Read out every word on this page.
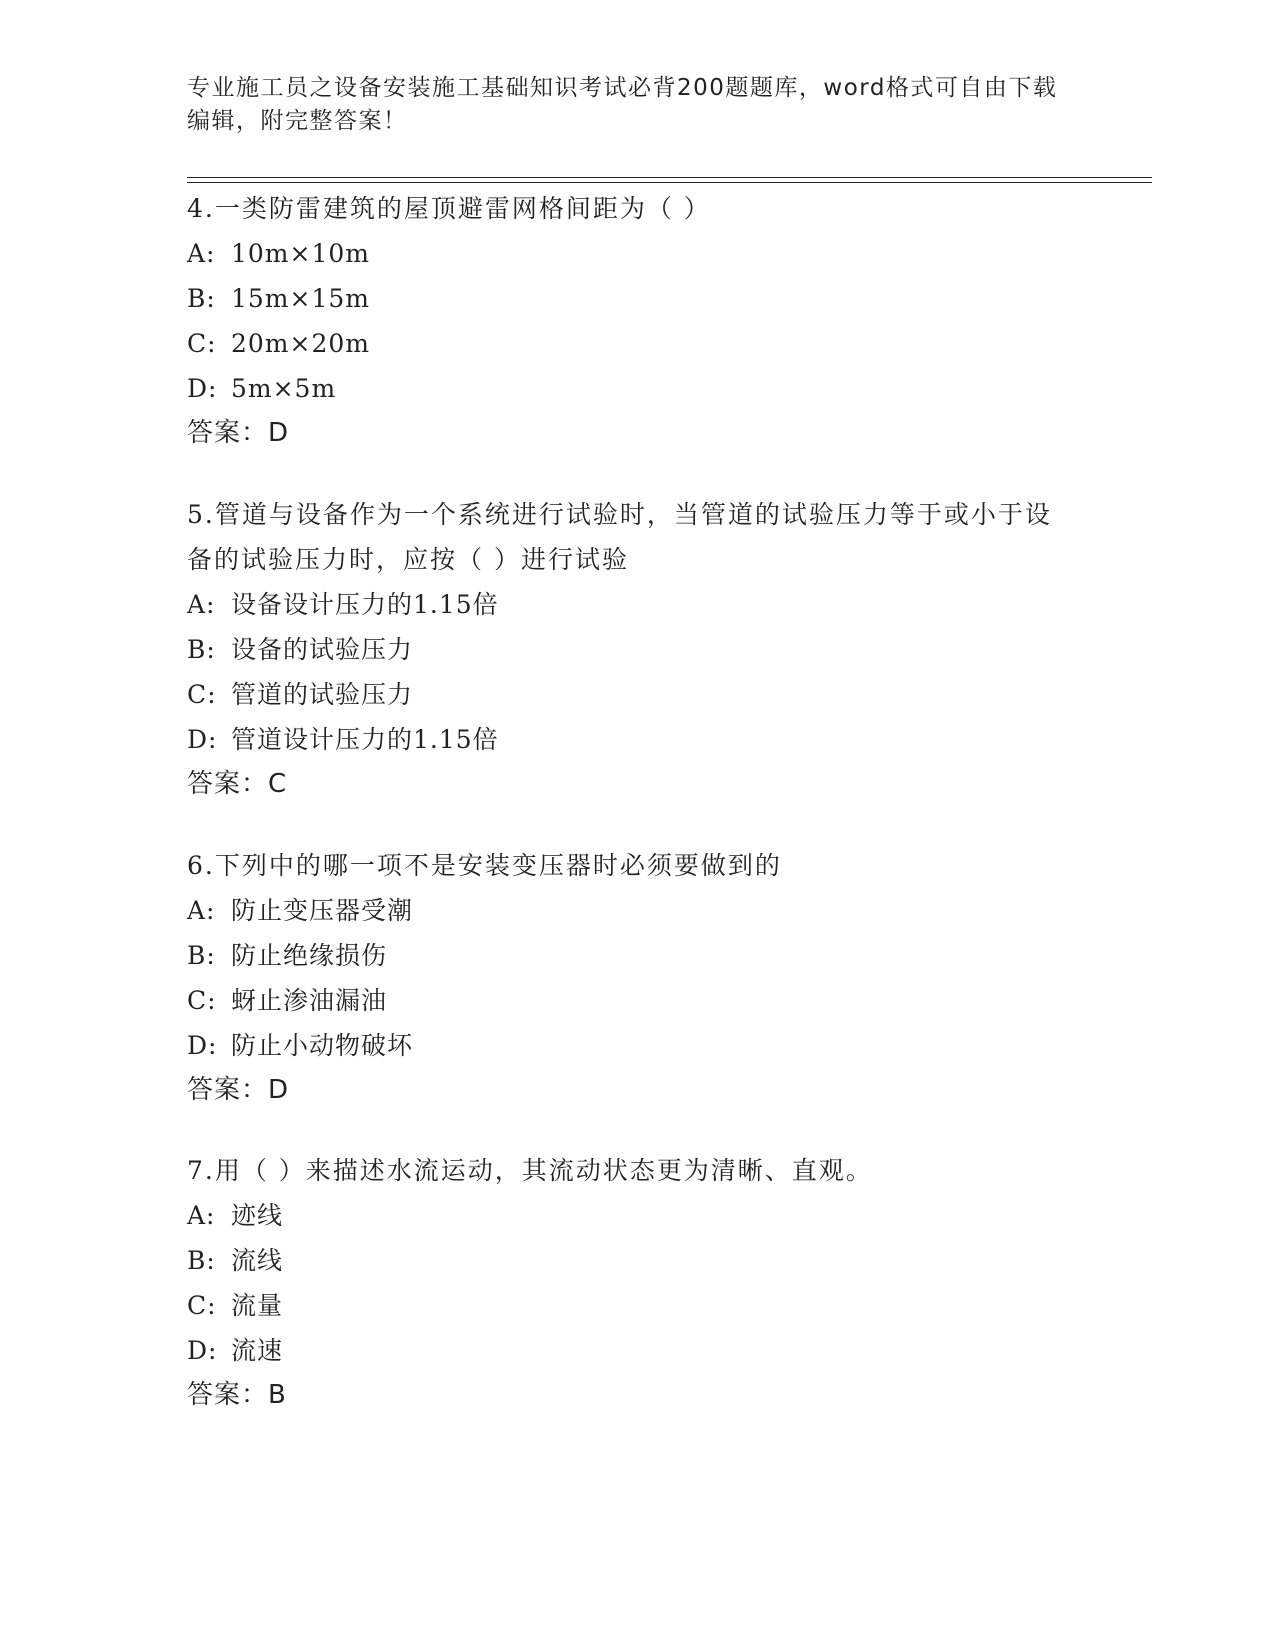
专业施工员之设备安装施工基础知识考试必背200题题库，word格式可自由下载编辑，附完整答案！

4.一类防雷建筑的屋顶避雷网格间距为（ ）

A: 10m×10m

B: 15m×15m

C: 20m×20m

D: 5m×5m

答案：D

5.管道与设备作为一个系统进行试验时，当管道的试验压力等于或小于设备的试验压力时，应按（ ）进行试验

A: 设备设计压力的1.15倍

B: 设备的试验压力

C: 管道的试验压力

D: 管道设计压力的1.15倍

答案：C

6.下列中的哪一项不是安装变压器时必须要做到的

A: 防止变压器受潮

B: 防止绝缘损伤

C: 蚜止渗油漏油

D: 防止小动物破坏

答案：D

7.用（ ）来描述水流运动，其流动状态更为清晰、直观。

A: 迹线

B: 流线

C: 流量

D: 流速

答案：B
